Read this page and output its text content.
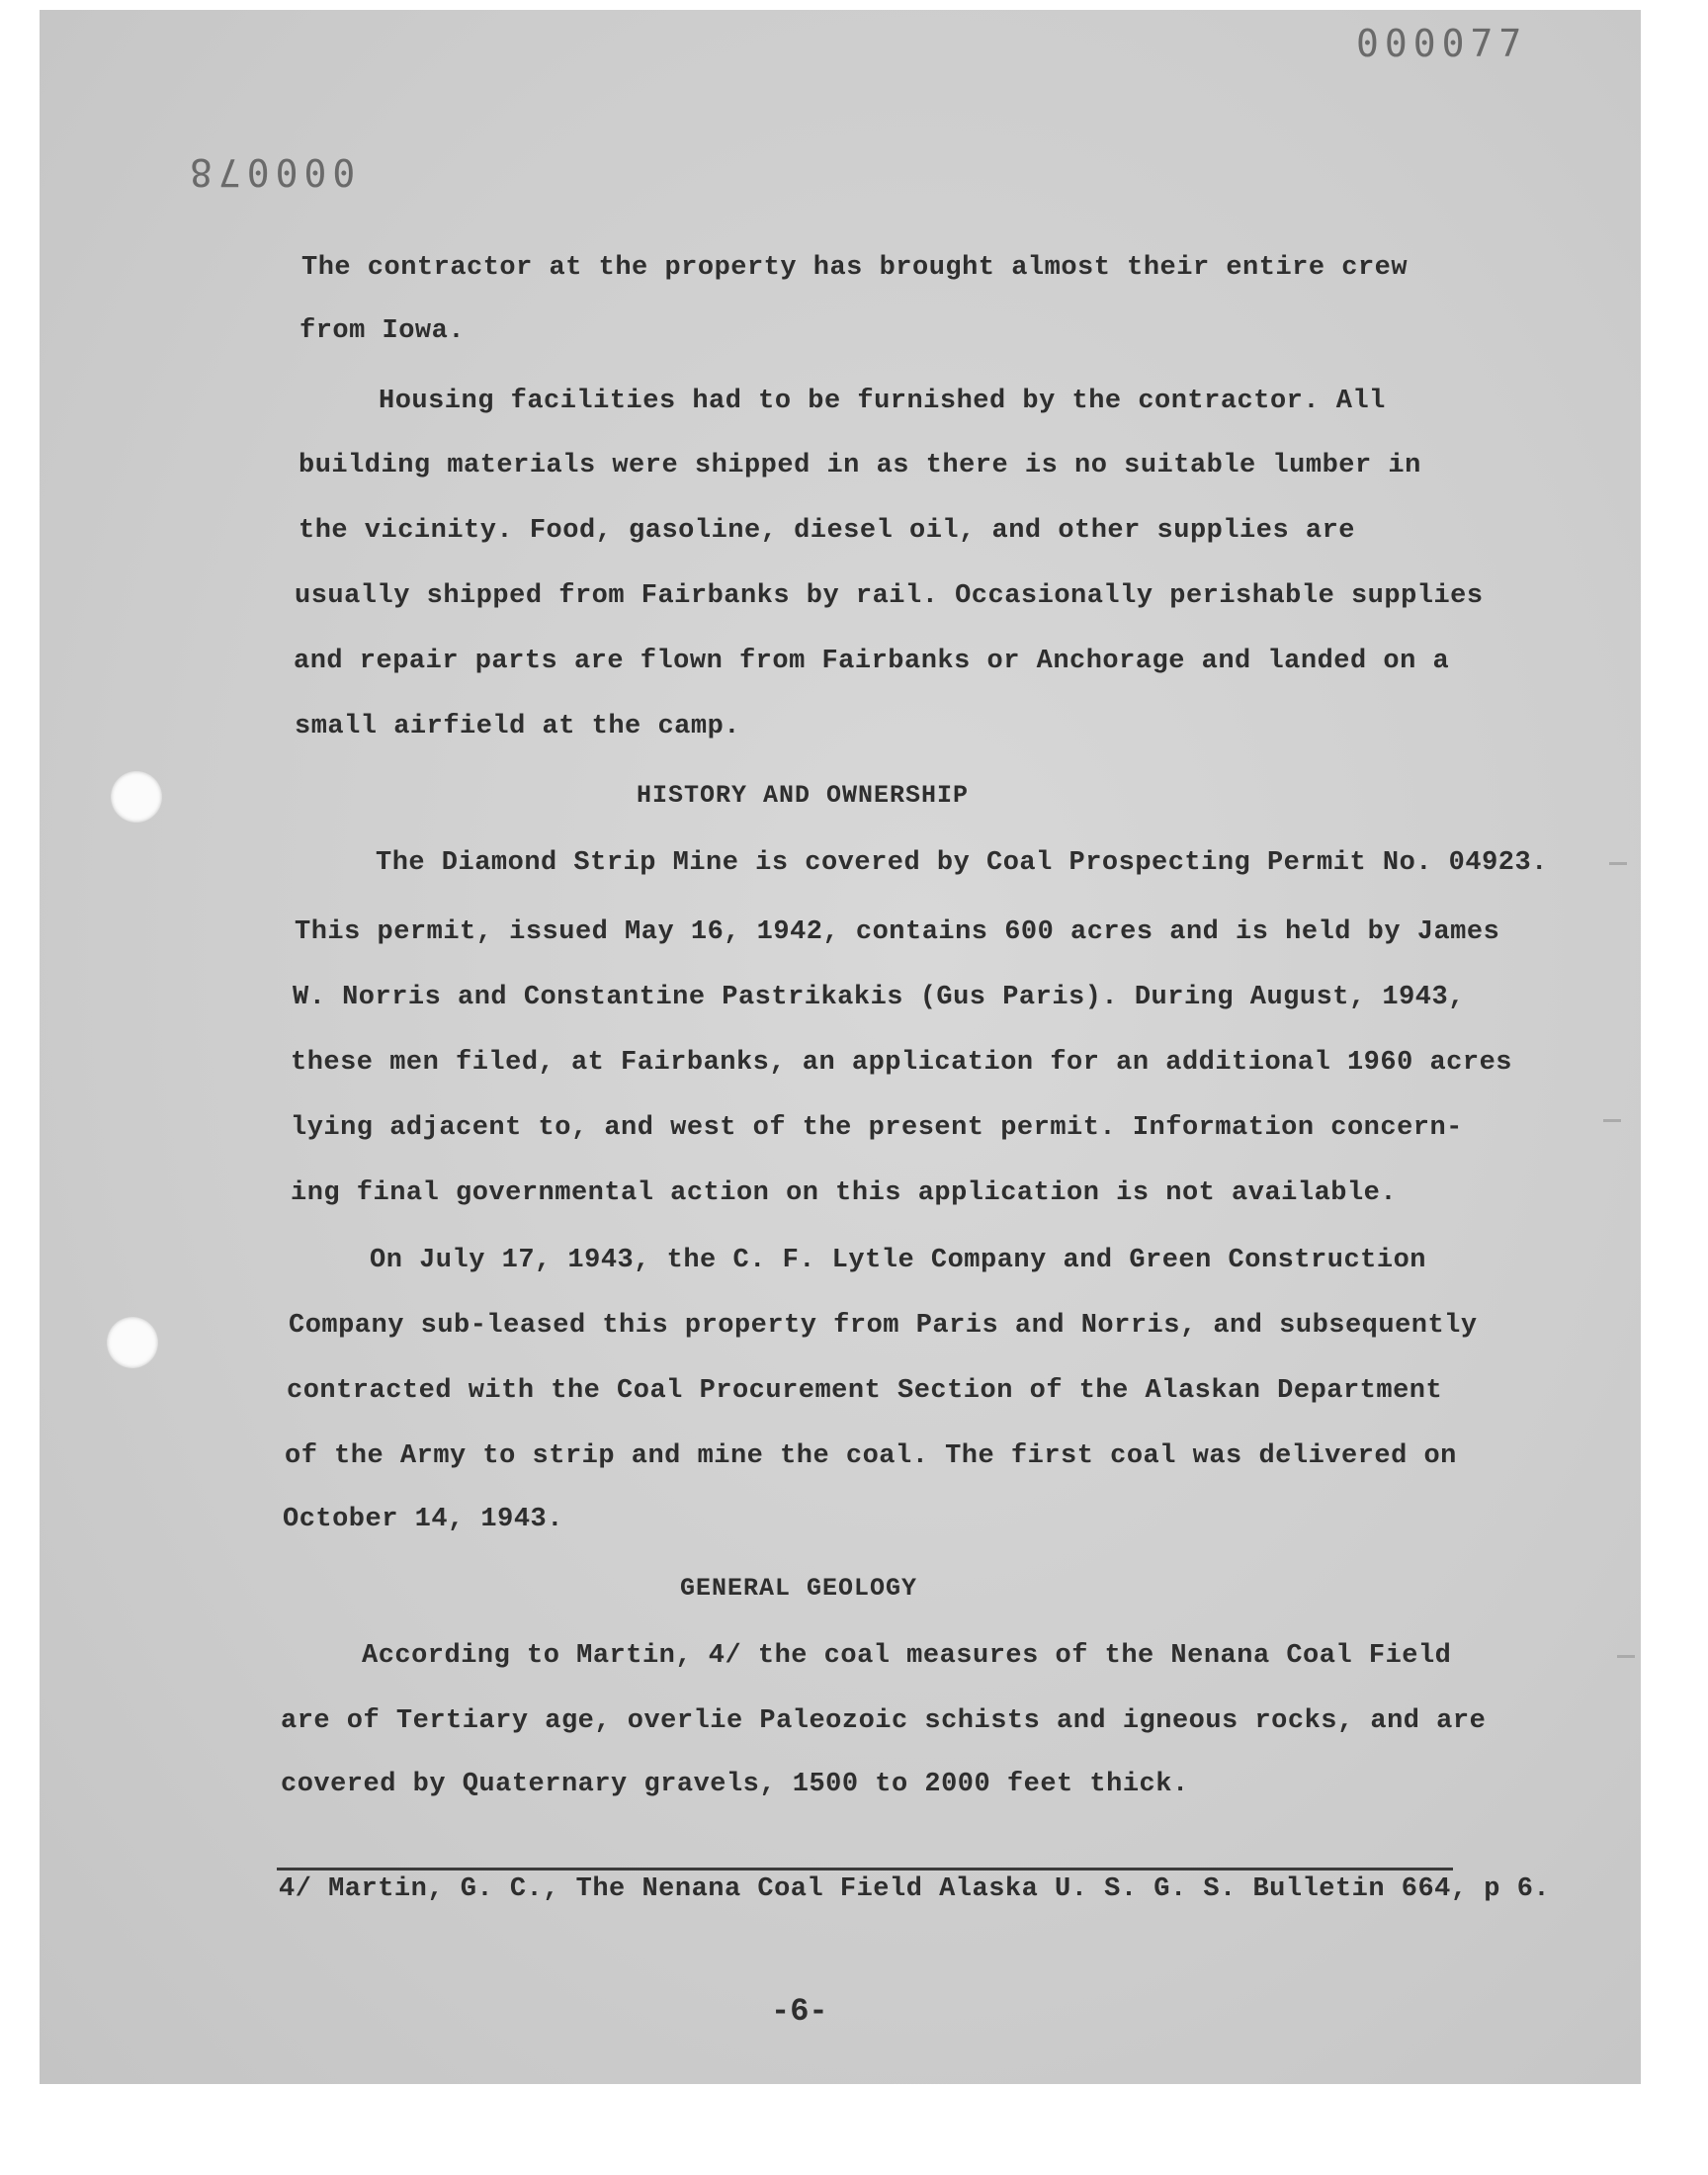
000077
000078
The contractor at the property has brought almost their entire crew
from Iowa.
Housing facilities had to be furnished by the contractor. All
building materials were shipped in as there is no suitable lumber in
the vicinity. Food, gasoline, diesel oil, and other supplies are
usually shipped from Fairbanks by rail. Occasionally perishable supplies
and repair parts are flown from Fairbanks or Anchorage and landed on a
small airfield at the camp.
HISTORY AND OWNERSHIP
The Diamond Strip Mine is covered by Coal Prospecting Permit No. 04923.
This permit, issued May 16, 1942, contains 600 acres and is held by James
W. Norris and Constantine Pastrikakis (Gus Paris). During August, 1943,
these men filed, at Fairbanks, an application for an additional 1960 acres
lying adjacent to, and west of the present permit. Information concern-
ing final governmental action on this application is not available.
On July 17, 1943, the C. F. Lytle Company and Green Construction
Company sub-leased this property from Paris and Norris, and subsequently
contracted with the Coal Procurement Section of the Alaskan Department
of the Army to strip and mine the coal. The first coal was delivered on
October 14, 1943.
GENERAL GEOLOGY
According to Martin, 4/ the coal measures of the Nenana Coal Field
are of Tertiary age, overlie Paleozoic schists and igneous rocks, and are
covered by Quaternary gravels, 1500 to 2000 feet thick.
4/ Martin, G. C., The Nenana Coal Field Alaska U. S. G. S. Bulletin 664, p 6.
-6-
